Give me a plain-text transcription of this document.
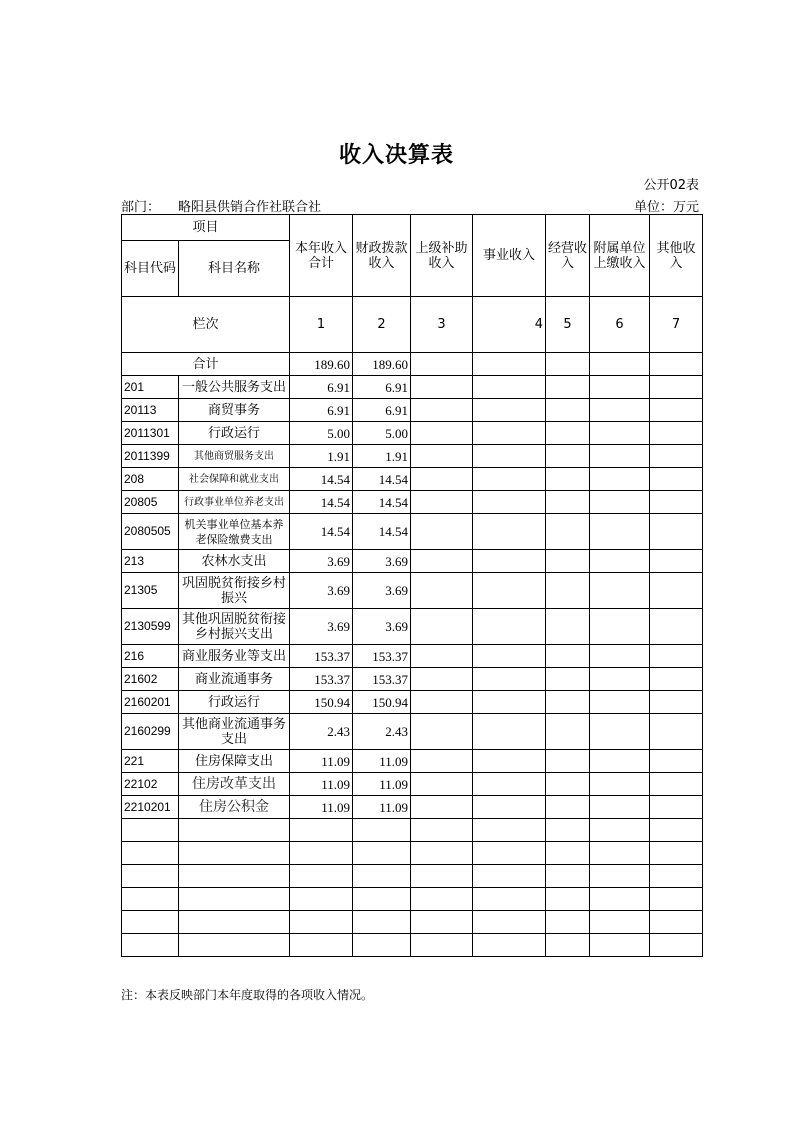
收入决算表
公开02表
部门： 略阳县供销合作社联合社	单位：万元
项目		本年收入合计	财政拨款收入	上级补助收入	事业收入	经营收入	附属单位上缴收入	其他收入
科目代码	科目名称							
栏次		1	2	3	4	5	6	7
合计		189.60	189.60					
201	一般公共服务支出	6.91	6.91					
20113	商贸事务	6.91	6.91					
2011301	行政运行	5.00	5.00					
2011399	其他商贸服务支出	1.91	1.91					
208	社会保障和就业支出	14.54	14.54					
20805	行政事业单位养老支出	14.54	14.54					
2080505	机关事业单位基本养老保险缴费支出	14.54	14.54					
213	农林水支出	3.69	3.69					
21305	巩固脱贫衔接乡村振兴	3.69	3.69					
2130599	其他巩固脱贫衔接乡村振兴支出	3.69	3.69					
216	商业服务业等支出	153.37	153.37					
21602	商业流通事务	153.37	153.37					
2160201	行政运行	150.94	150.94					
2160299	其他商业流通事务支出	2.43	2.43					
221	住房保障支出	11.09	11.09					
22102	住房改革支出	11.09	11.09					
2210201	住房公积金	11.09	11.09					

注：本表反映部门本年度取得的各项收入情况。
